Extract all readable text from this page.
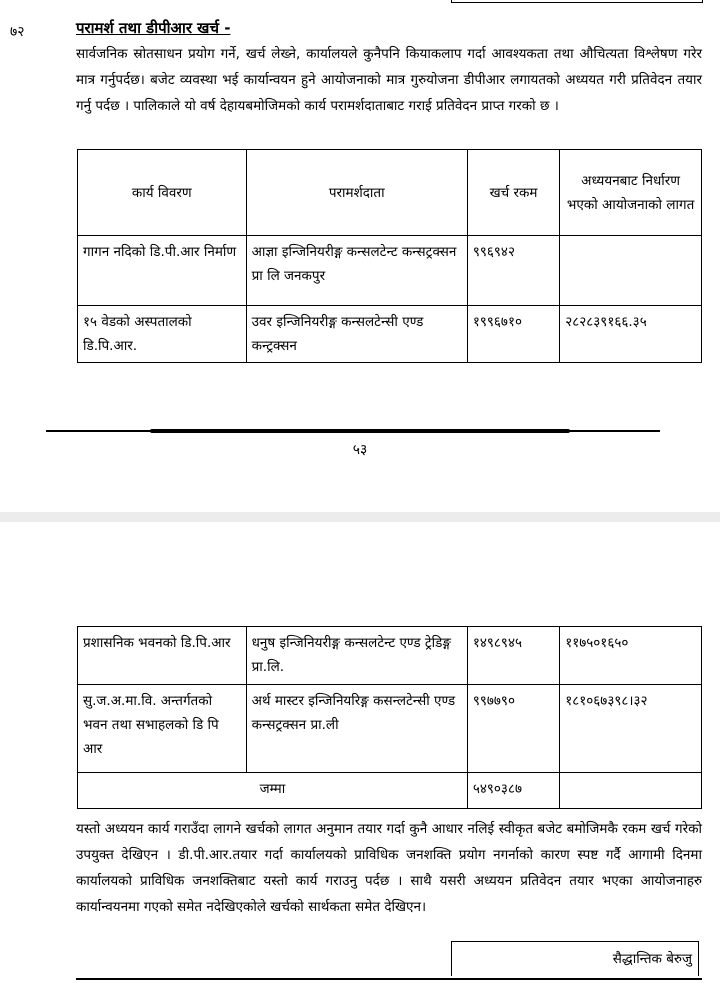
७२	परामर्श तथा डीपीआर खर्च -
सार्वजनिक स्रोतसाधन प्रयोग गर्ने, खर्च लेख्ने, कार्यालयले कुनैपनि कियाकलाप गर्दा आवश्यकता तथा औचित्यता विश्लेषण गरेर मात्र गर्नुपर्दछ। बजेट व्यवस्था भई कार्यान्वयन हुने आयोजनाको मात्र गुरुयोजना डीपीआर लगायतको अध्ययत गरी प्रतिवेदन तयार गर्नु पर्दछ । पालिकाले यो वर्ष देहायबमोजिमको कार्य परामर्शदाताबाट गराई प्रतिवेदन प्राप्त गरको छ ।
कार्य विवरण	परामर्शदाता	खर्च रकम	अध्ययनबाट निर्धारण भएको आयोजनाको लागत
गागन नदिको डि.पी.आर निर्माण	आज्ञा इन्जिनियरीङ्ग कन्सलटेन्ट कन्सट्रक्सन प्रा लि जनकपुर	९९६९४२	
१५ वेडको अस्पतालको डि.पि.आर.	उवर इन्जिनियरीङ्ग कन्सलटेन्सी एण्ड कन्ट्रक्सन	१९९६७१०	२८२८३९१६६.३५
५३
प्रशासनिक भवनको डि.पि.आर	धनुष इन्जिनियरीङ्ग कन्सलटेन्ट एण्ड ट्रेडिङ्ग प्रा.लि.	१४९८९४५	११७५०१६५०
सु.ज.अ.मा.वि. अन्तर्गतको भवन तथा सभाहलको डि पि आर	अर्थ मास्टर इन्जिनियरिङ्ग कसन्लटेन्सी एण्ड कन्सट्रक्सन प्रा.ली	९९७७९०	१८१०६७३९८।३२
जम्मा		५४९०३८७	
यस्तो अध्ययन कार्य गराउँदा लागने खर्चको लागत अनुमान तयार गर्दा कुनै आधार नलिई स्वीकृत बजेट बमोजिमकै रकम खर्च गरेको उपयुक्त देखिएन । डी.पी.आर.तयार गर्दा कार्यालयको प्राविधिक जनशक्ति प्रयोग नगर्नाको कारण स्पष्ट गर्दै आगामी दिनमा कार्यालयको प्राविधिक जनशक्तिबाट यस्तो कार्य गराउनु पर्दछ । साथै यसरी अध्ययन प्रतिवेदन तयार भएका आयोजनाहरु कार्यान्वयनमा गएको समेत नदेखिएकोले खर्चको सार्थकता समेत देखिएन।
सैद्धान्तिक बेरुजु
